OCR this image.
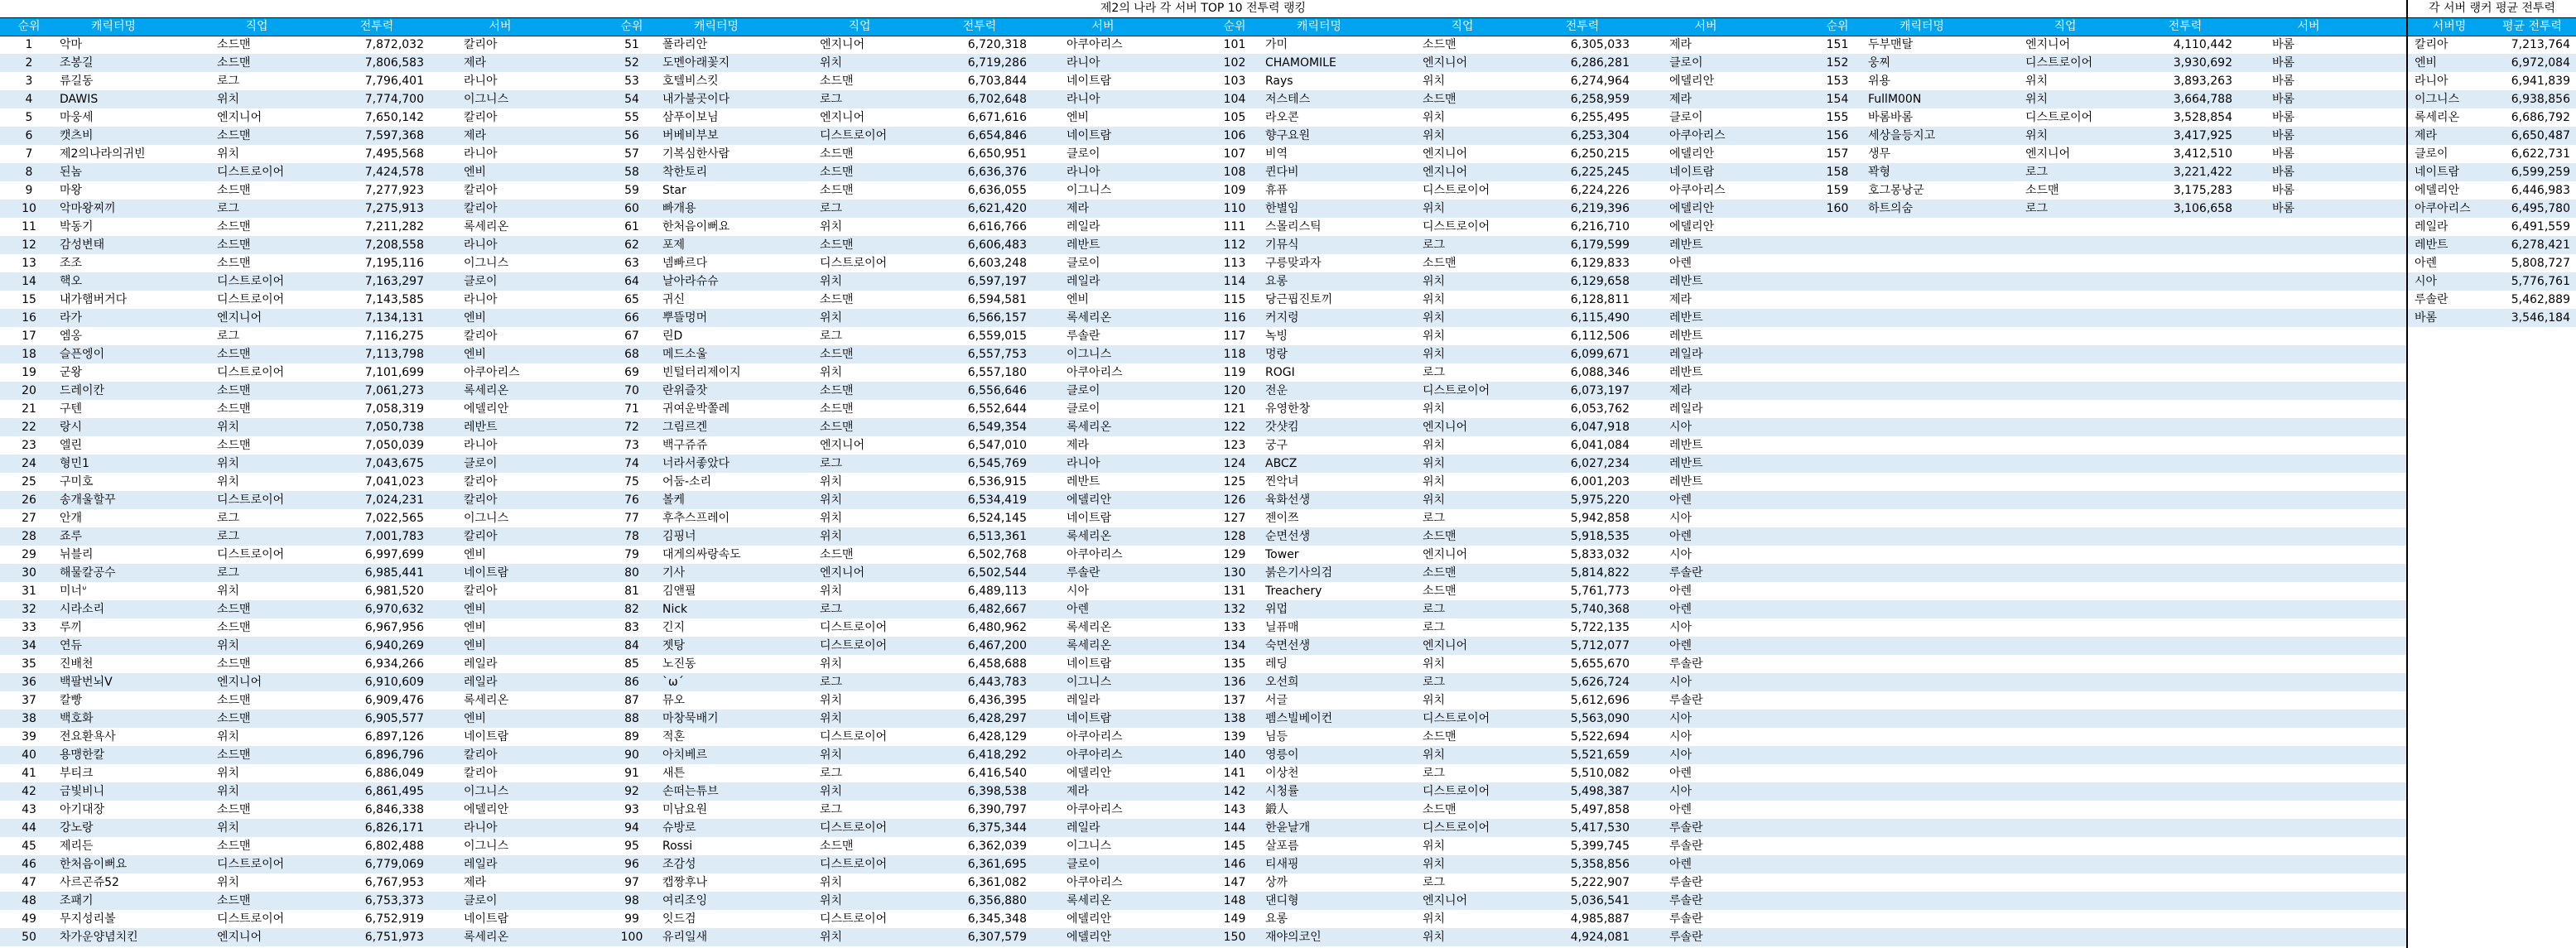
제2의 나라 각 서버 TOP 10 전투력 랭킹	각 서버 랭커 평균 전투력
순위	캐릭터명	직업	전투력	서버	순위	캐릭터명	직업	전투력	서버	순위	캐릭터명	직업	전투력	서버	순위	캐릭터명	직업	전투력	서버	서버명	평균 전투력
1	악마	소드맨	7,872,032	칼리아	51	폴라리안	엔지니어	6,720,318	아쿠아리스	101 가미	소드맨	6,305,033	제라	151 두부맨탈	엔지니어	4,110,442	바롬
2	조봉길	소드맨	7,806,583	제라	52	도멘아래꽃지	위치	6,719,286	라니아	102 CHAMOMILE	엔지니어	6,286,281	클로이	152 웅찌	디스트로이어	3,930,692	바롬
3	류길동	로그	7,796,401	라니아	53	호텔비스킷	소드맨	6,703,844	네이트람	103 Rays	위치	6,274,964	에델리안	153 위용	위치	3,893,263	바롬
4	DAWIS	위치	7,774,700	이그니스	54	내가불곳이다	로그	6,702,648	라니아	104 저스테스	소드맨	6,258,959	제라	154 FullM00N	위치	3,664,788	바롬
5	마웅세	엔지니어	7,650,142	칼리아	55	삼푸이보님	엔지니어	6,671,616	엔비	105 라오콘	위치	6,255,495	클로이	155 바롬바롬	디스트로이어	3,528,854	바롬
6	캣츠비	소드맨	7,597,368	제라	56	버베비부보	디스트로이어	6,654,846	네이트람	106 향구요원	위치	6,253,304	아쿠아리스	156 세상을등지고	위치	3,417,925	바롬
7	제2의나라의귀빈	위치	7,495,568	라니아	57	기복심한사람	소드맨	6,650,951	클로이	107 비역	엔지니어	6,250,215	에델리안	157 생무	엔지니어	3,412,510	바롬
8	된놈	디스트로이어	7,424,578	엔비	58	착한토리	소드맨	6,636,376	라니아	108 퀸다비	엔지니어	6,225,245	네이트람	158 꽉형	로그	3,221,422	바롬
9	마왕	소드맨	7,277,923	칼리아	59	Star	소드맨	6,636,055	이그니스	109 휴퓨	디스트로이어	6,224,226	아쿠아리스	159 호그몽낭군	소드맨	3,175,283	바롬
10	악마왕찌끼	로그	7,275,913	칼리아	60	빠개용	로그	6,621,420	제라	110 한별임	위치	6,219,396	에델리안	160 하트의숨	로그	3,106,658	바롬
11	박동기	소드맨	7,211,282	록세리온	61	한처음이뻐요	위치	6,616,766	레일라	111 스몰리스틱	디스트로이어	6,216,710	에델리안
12	감성변태	소드맨	7,208,558	라니아	62	포제	소드맨	6,606,483	레반트	112 기뮤식	로그	6,179,599	레반트
13	조조	소드맨	7,195,116	이그니스	63	넴빠르다	디스트로이어	6,603,248	클로이	113 구릉맞과자	소드맨	6,129,833	아렌
14	핵오	디스트로이어	7,163,297	클로이	64	날아라슈슈	위치	6,597,197	레일라	114 요롱	위치	6,129,658	레반트
15	내가햄버거다	디스트로이어	7,143,585	라니아	65	귀신	소드맨	6,594,581	엔비	115 당근핍진토끼	위치	6,128,811	제라
16	라가	엔지니어	7,134,131	엔비	66	뿌뜰멍머	위치	6,566,157	록세리온	116 커지렁	위치	6,115,490	레반트
17	엠옹	로그	7,116,275	칼리아	67	린D	로그	6,559,015	루솔란	117 녹빙	위치	6,112,506	레반트
18	슬픈엥이	소드맨	7,113,798	엔비	68	메드소울	소드맨	6,557,753	이그니스	118 멍랑	위치	6,099,671	레일라
19	군왕	디스트로이어	7,101,699	아쿠아리스	69	빈털터리제이지	위치	6,557,180	아쿠아리스	119 ROGI	로그	6,088,346	레반트
20	드레이칸	소드맨	7,061,273	록세리온	70	란위즐잣	소드맨	6,556,646	클로이	120 전운	디스트로이어	6,073,197	제라
21	구텐	소드맨	7,058,319	에델리안	71	귀여운박쫄레	소드맨	6,552,644	클로이	121 유영한창	위치	6,053,762	레일라
22	랑시	위치	7,050,738	레반트	72	그림르겐	소드맨	6,549,354	록세리온	122 갓샷킴	엔지니어	6,047,918	시아
23	엘린	소드맨	7,050,039	라니아	73	백구쥬쥬	엔지니어	6,547,010	제라	123 궁구	위치	6,041,084	레반트
24	형민1	위치	7,043,675	클로이	74	너라서좋았다	로그	6,545,769	라니아	124 ABCZ	위치	6,027,234	레반트
25	구미호	위치	7,041,023	칼리아	75	어둠-소리	위치	6,536,915	레반트	125 찐악녀	위치	6,001,203	레반트
26	송개울할꾸	디스트로이어	7,024,231	칼리아	76	볼케	위치	6,534,419	에델리안	126 육화선생	위치	5,975,220	아렌
27	안개	로그	7,022,565	이그니스	77	후추스프레이	위치	6,524,145	네이트람	127 젠이쯔	로그	5,942,858	시아
28	죠루	로그	7,001,783	칼리아	78	김핑너	위치	6,513,361	록세리온	128 순면선생	소드맨	5,918,535	아렌
29	뉘블리	디스트로이어	6,997,699	엔비	79	대게의싸랑속도	소드맨	6,502,768	아쿠아리스	129 Tower	엔지니어	5,833,032	시아
30	해물칼공수	로그	6,985,441	네이트람	80	기사	엔지니어	6,502,544	루솔란	130 붉은기사의검	소드맨	5,814,822	루솔란
31	미너ᐡ	위치	6,981,520	칼리아	81	김앤필	위치	6,489,113	시아	131 Treachery	소드맨	5,761,773	아렌
32	시라소리	소드맨	6,970,632	엔비	82	Nick	로그	6,482,667	아렌	132 위멉	로그	5,740,368	아렌
33	루끼	소드맨	6,967,956	엔비	83	긴지	디스트로이어	6,480,962	록세리온	133 닐퓨매	로그	5,722,135	시아
34	연듀	위치	6,940,269	엔비	84	젯탕	디스트로이어	6,467,200	록세리온	134 숙면선생	엔지니어	5,712,077	아렌
35	진배천	소드맨	6,934,266	레일라	85	노진동	위치	6,458,688	네이트람	135 레딩	위치	5,655,670	루솔란
36	백팔번뇌V	엔지니어	6,910,609	레일라	86	`ω´	로그	6,443,783	이그니스	136 오선희	로그	5,626,724	시아
37	칼빵	소드맨	6,909,476	록세리온	87	뮤오	위치	6,436,395	레일라	137 서글	위치	5,612,696	루솔란
38	백호화	소드맨	6,905,577	엔비	88	마창묵배기	위치	6,428,297	네이트람	138 펨스빌베이컨	디스트로이어	5,563,090	시아
39	전요환욕사	위치	6,897,126	네이트람	89	적혼	디스트로이어	6,428,129	아쿠아리스	139 님등	소드맨	5,522,694	시아
40	용맹한칼	소드맨	6,896,796	칼리아	90	아치베르	위치	6,418,292	아쿠아리스	140 영릉이	위치	5,521,659	시아
41	부티크	위치	6,886,049	칼리아	91	새튼	로그	6,416,540	에델리안	141 이상천	로그	5,510,082	아렌
42	금빛비니	위치	6,861,495	이그니스	92	손떠는튜브	위치	6,398,538	제라	142 시청률	디스트로이어	5,498,387	시아
43	아기대장	소드맨	6,846,338	에델리안	93	미남요원	로그	6,390,797	아쿠아리스	143 鍛人	소드맨	5,497,858	아렌
44	강노랑	위치	6,826,171	라니아	94	슈방로	디스트로이어	6,375,344	레일라	144 한윤날개	디스트로이어	5,417,530	루솔란
45	제리든	소드맨	6,802,488	이그니스	95	Rossi	소드맨	6,362,039	이그니스	145 살포름	위치	5,399,745	루솔란
46	한처음이뻐요	디스트로이어	6,779,069	레일라	96	조감성	디스트로이어	6,361,695	클로이	146 티새핑	위치	5,358,856	아렌
47	사르곤쥬52	위치	6,767,953	제라	97	캡짱후나	위치	6,361,082	아쿠아리스	147 상까	로그	5,222,907	루솔란
48	조패기	소드맨	6,753,373	클로이	98	여리조잉	위치	6,356,880	록세리온	148 댄디형	엔지니어	5,036,541	루솔란
49	무지성리볼	디스트로이어	6,752,919	네이트람	99	잇드검	디스트로이어	6,345,348	에델리안	149 요롱	위치	4,985,887	루솔란
50	차가운양념치킨	엔지니어	6,751,973	록세리온	100 유리일새	위치	6,307,579	에델리안	150 재야의코인	위치	4,924,081	루솔란
칼리아	7,213,764
엔비	6,972,084
라니아	6,941,839
이그니스	6,938,856
록세리온	6,686,792
제라	6,650,487
클로이	6,622,731
네이트람	6,599,259
에델리안	6,446,983
아쿠아리스	6,495,780
레일라	6,491,559
레반트	6,278,421
아렌	5,808,727
시아	5,776,761
루솔란	5,462,889
바롬	3,546,184
